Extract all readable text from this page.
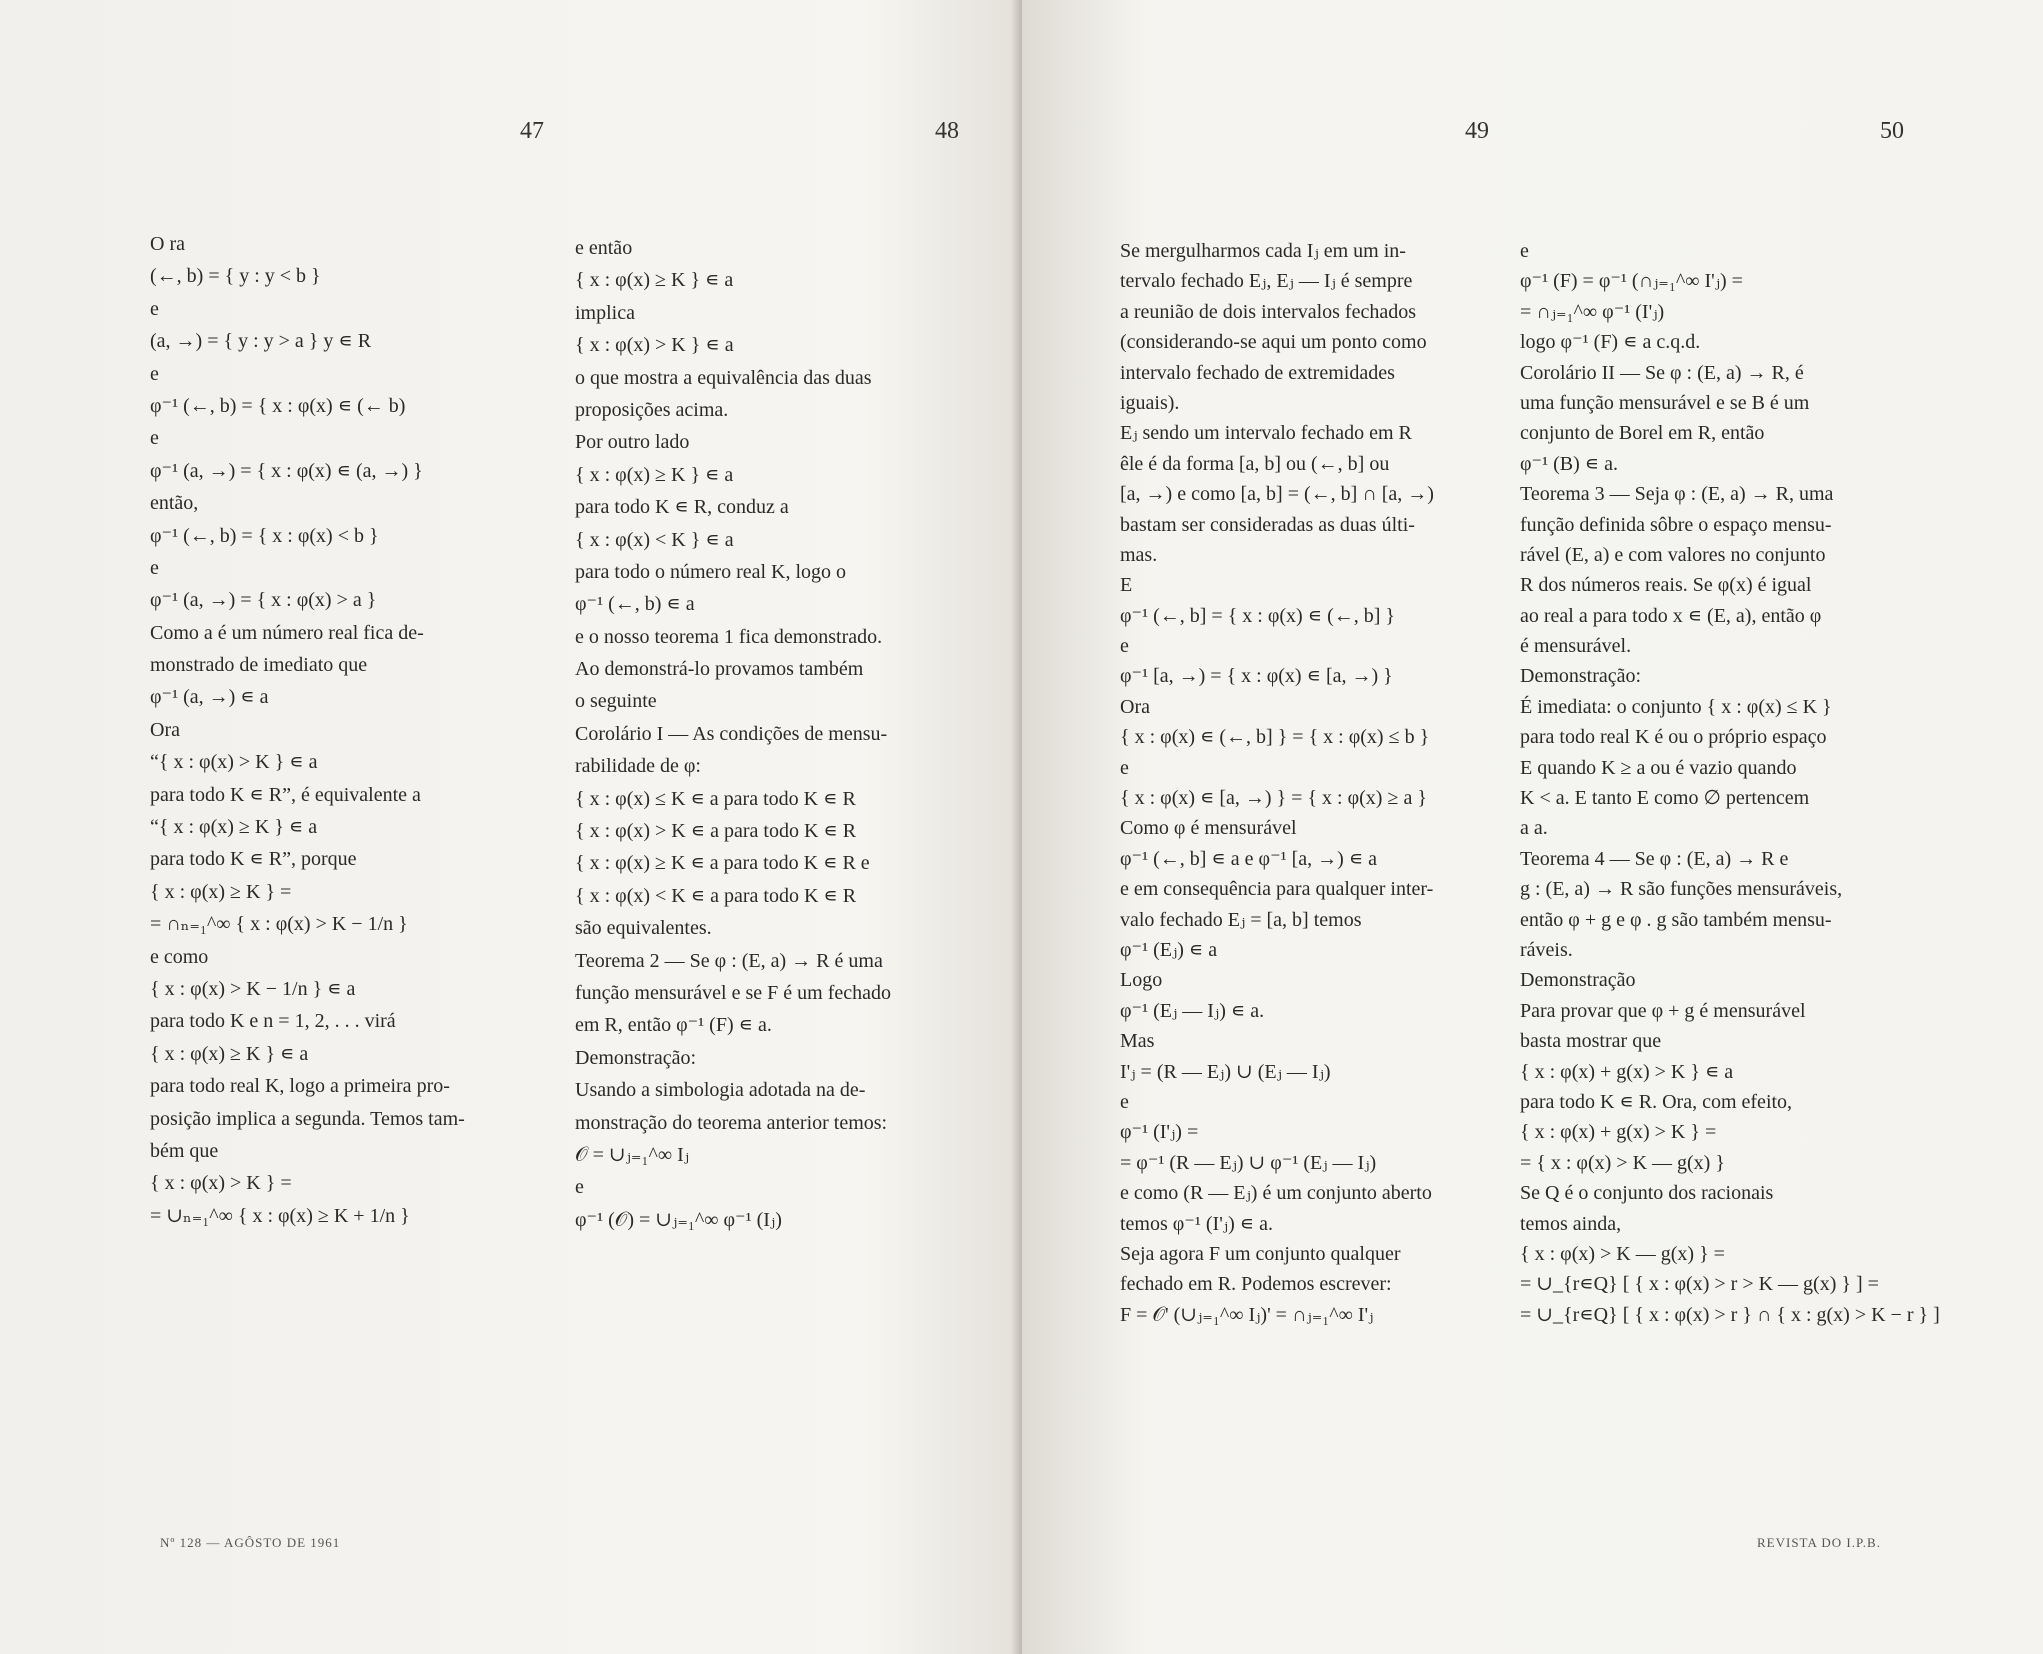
47	48
O ra
(←, b) = { y : y < b }
e
(a, →) = { y : y > a } y ∊ R
e
φ⁻¹ (←, b) = { x : φ(x) ∊ (← b)
e
φ⁻¹ (a, →) = { x : φ(x) ∊ (a, →) }
então,
φ⁻¹ (←, b) = { x : φ(x) < b }
e
φ⁻¹ (a, →) = { x : φ(x) > a }
Como a é um número real fica de-
monstrado de imediato que
φ⁻¹ (a, →) ∊ a
Ora
“{ x : φ(x) > K } ∊ a
para todo K ∊ R”, é equivalente a
“{ x : φ(x) ≥ K } ∊ a
para todo K ∊ R”, porque
{ x : φ(x) ≥ K } =
= ∩ₙ₌₁^∞ { x : φ(x) > K − 1/n }
e como
{ x : φ(x) > K − 1/n } ∊ a
para todo K e n = 1, 2, . . . virá
{ x : φ(x) ≥ K } ∊ a
para todo real K, logo a primeira pro-
posição implica a segunda. Temos tam-
bém que
{ x : φ(x) > K } =
= ∪ₙ₌₁^∞ { x : φ(x) ≥ K + 1/n }
e então
{ x : φ(x) ≥ K } ∊ a
implica
{ x : φ(x) > K } ∊ a
o que mostra a equivalência das duas
proposições acima.
Por outro lado
{ x : φ(x) ≥ K } ∊ a
para todo K ∊ R, conduz a
{ x : φ(x) < K } ∊ a
para todo o número real K, logo o
φ⁻¹ (←, b) ∊ a
e o nosso teorema 1 fica demonstrado.
Ao demonstrá-lo provamos também
o seguinte
Corolário I — As condições de mensu-
rabilidade de φ:
{ x : φ(x) ≤ K ∊ a para todo K ∊ R
{ x : φ(x) > K ∊ a para todo K ∊ R
{ x : φ(x) ≥ K ∊ a para todo K ∊ R e
{ x : φ(x) < K ∊ a para todo K ∊ R
são equivalentes.
Teorema 2 — Se φ : (E, a) → R é uma
função mensurável e se F é um fechado
em R, então φ⁻¹ (F) ∊ a.
Demonstração:
Usando a simbologia adotada na de-
monstração do teorema anterior temos:
𝒪 = ∪ⱼ₌₁^∞ Iⱼ
e
φ⁻¹ (𝒪) = ∪ⱼ₌₁^∞ φ⁻¹ (Iⱼ)
Nº 128 — AGÔSTO DE 1961
49	50
Se mergulharmos cada Iⱼ em um in-
tervalo fechado Eⱼ, Eⱼ — Iⱼ é sempre
a reunião de dois intervalos fechados
(considerando-se aqui um ponto como
intervalo fechado de extremidades
iguais).
Eⱼ sendo um intervalo fechado em R
êle é da forma [a, b] ou (←, b] ou
[a, →) e como [a, b] = (←, b] ∩ [a, →)
bastam ser consideradas as duas últi-
mas.
E
φ⁻¹ (←, b] = { x : φ(x) ∊ (←, b] }
e
φ⁻¹ [a, →) = { x : φ(x) ∊ [a, →) }
Ora
{ x : φ(x) ∊ (←, b] } = { x : φ(x) ≤ b }
e
{ x : φ(x) ∊ [a, →) } = { x : φ(x) ≥ a }
Como φ é mensurável
φ⁻¹ (←, b] ∊ a e φ⁻¹ [a, →) ∊ a
e em consequência para qualquer inter-
valo fechado Eⱼ = [a, b] temos
φ⁻¹ (Eⱼ) ∊ a
Logo
φ⁻¹ (Eⱼ — Iⱼ) ∊ a.
Mas
I'ⱼ = (R — Eⱼ) ∪ (Eⱼ — Iⱼ)
e
φ⁻¹ (I'ⱼ) =
= φ⁻¹ (R — Eⱼ) ∪ φ⁻¹ (Eⱼ — Iⱼ)
e como (R — Eⱼ) é um conjunto aberto
temos φ⁻¹ (I'ⱼ) ∊ a.
Seja agora F um conjunto qualquer
fechado em R. Podemos escrever:
F = 𝒪' (∪ⱼ₌₁^∞ Iⱼ)' = ∩ⱼ₌₁^∞ I'ⱼ
e
φ⁻¹ (F) = φ⁻¹ (∩ⱼ₌₁^∞ I'ⱼ) =
= ∩ⱼ₌₁^∞ φ⁻¹ (I'ⱼ)
logo φ⁻¹ (F) ∊ a c.q.d.
Corolário II — Se φ : (E, a) → R, é
uma função mensurável e se B é um
conjunto de Borel em R, então
φ⁻¹ (B) ∊ a.
Teorema 3 — Seja φ : (E, a) → R, uma
função definida sôbre o espaço mensu-
rável (E, a) e com valores no conjunto
R dos números reais. Se φ(x) é igual
ao real a para todo x ∊ (E, a), então φ
é mensurável.
Demonstração:
É imediata: o conjunto { x : φ(x) ≤ K }
para todo real K é ou o próprio espaço
E quando K ≥ a ou é vazio quando
K < a. E tanto E como ∅ pertencem
a a.
Teorema 4 — Se φ : (E, a) → R e
g : (E, a) → R são funções mensuráveis,
então φ + g e φ . g são também mensu-
ráveis.
Demonstração
Para provar que φ + g é mensurável
basta mostrar que
{ x : φ(x) + g(x) > K } ∊ a
para todo K ∊ R. Ora, com efeito,
{ x : φ(x) + g(x) > K } =
= { x : φ(x) > K — g(x) }
Se Q é o conjunto dos racionais
temos ainda,
{ x : φ(x) > K — g(x) } =
= ∪_{r∊Q} [ { x : φ(x) > r > K — g(x) } ] =
= ∪_{r∊Q} [ { x : φ(x) > r } ∩ { x : g(x) > K − r } ]
REVISTA DO I.P.B.
